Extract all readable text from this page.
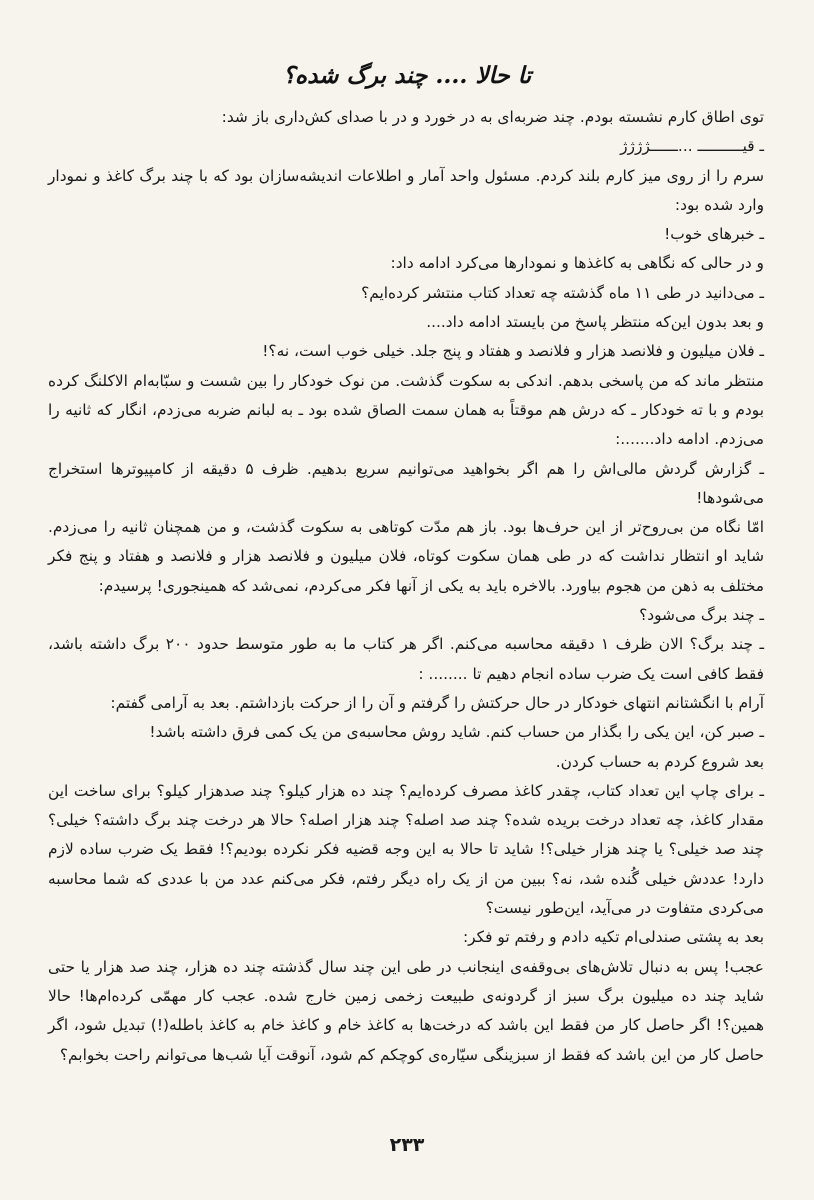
تا حالا .... چند برگ شده؟

توی اطاق کارم نشسته بودم. چند ضربه‌ای به در خورد و در با صدای کش‌داری باز شد:

ـ قیــــــــــ ...ــــــژژژژ

سرم را از روی میز کارم بلند کردم. مسئول واحد آمار و اطلاعات اندیشه‌سازان بود که با چند برگ کاغذ و نمودار وارد شده بود:

ـ خبرهای خوب!

و در حالی که نگاهی به کاغذها و نمودارها می‌کرد ادامه داد:

ـ می‌دانید در طی ۱۱ ماه گذشته چه تعداد کتاب منتشر کرده‌ایم؟

و بعد بدون این‌که منتظر پاسخ من بایستد ادامه داد....

ـ فلان میلیون و فلانصد هزار و فلانصد و هفتاد و پنج جلد. خیلی خوب است، نه؟!

منتظر ماند که من پاسخی بدهم. اندکی به سکوت گذشت. من نوک خودکار را بین شست و سبّابه‌ام الاکلنگ کرده بودم و با ته خودکار ـ که درش هم موقتاً به همان سمت الصاق شده بود ـ به لبانم ضربه می‌زدم، انگار که ثانیه را می‌زدم. ادامه داد.......:

ـ گزارش گردش مالی‌اش را هم اگر بخواهید می‌توانیم سریع بدهیم. ظرف ۵ دقیقه از کامپیوترها استخراج می‌شودها!

امّا نگاه من بی‌روح‌تر از این حرف‌ها بود. باز هم مدّت کوتاهی به سکوت گذشت، و من همچنان ثانیه را می‌زدم. شاید او انتظار نداشت که در طی همان سکوت کوتاه، فلان میلیون و فلانصد هزار و فلانصد و هفتاد و پنج فکر مختلف به ذهن من هجوم بیاورد. بالاخره باید به یکی از آنها فکر می‌کردم، نمی‌شد که همینجوری! پرسیدم:

ـ چند برگ می‌شود؟

ـ چند برگ؟ الان ظرف ۱ دقیقه محاسبه می‌کنم. اگر هر کتاب ما به طور متوسط حدود ۲۰۰ برگ داشته باشد، فقط کافی است یک ضرب ساده انجام دهیم تا ........ :

آرام با انگشتانم انتهای خودکار در حال حرکتش را گرفتم و آن را از حرکت بازداشتم. بعد به آرامی گفتم:

ـ صبر کن، این یکی را بگذار من حساب کنم. شاید روش محاسبه‌ی من یک کمی فرق داشته باشد!

بعد شروع کردم به حساب کردن.

ـ برای چاپ این تعداد کتاب، چقدر کاغذ مصرف کرده‌ایم؟ چند ده هزار کیلو؟ چند صدهزار کیلو؟ برای ساخت این مقدار کاغذ، چه تعداد درخت بریده شده؟ چند صد اصله؟ چند هزار اصله؟ حالا هر درخت چند برگ داشته؟ خیلی؟ چند صد خیلی؟ یا چند هزار خیلی؟! شاید تا حالا به این وجه قضیه فکر نکرده بودیم؟! فقط یک ضرب ساده لازم دارد! عددش خیلی گُنده شد، نه؟ ببین من از یک راه دیگر رفتم، فکر می‌کنم عدد من با عددی که شما محاسبه می‌کردی متفاوت در می‌آید، این‌طور نیست؟

بعد به پشتی صندلی‌ام تکیه دادم و رفتم تو فکر:

عجب! پس به دنبال تلاش‌های بی‌وقفه‌ی اینجانب در طی این چند سال گذشته چند ده هزار، چند صد هزار یا حتی شاید چند ده میلیون برگ سبز از گردونه‌ی طبیعت زخمی زمین خارج شده. عجب کار مهمّی کرده‌ام‌ها! حالا همین؟! اگر حاصل کار من فقط این باشد که درخت‌ها به کاغذ خام و کاغذ خام به کاغذ باطله(!) تبدیل شود، اگر حاصل کار من این باشد که فقط از سبزینگی سیّاره‌ی کوچکم کم شود، آنوقت آیا شب‌ها می‌توانم راحت بخوابم؟

۲۳۳
